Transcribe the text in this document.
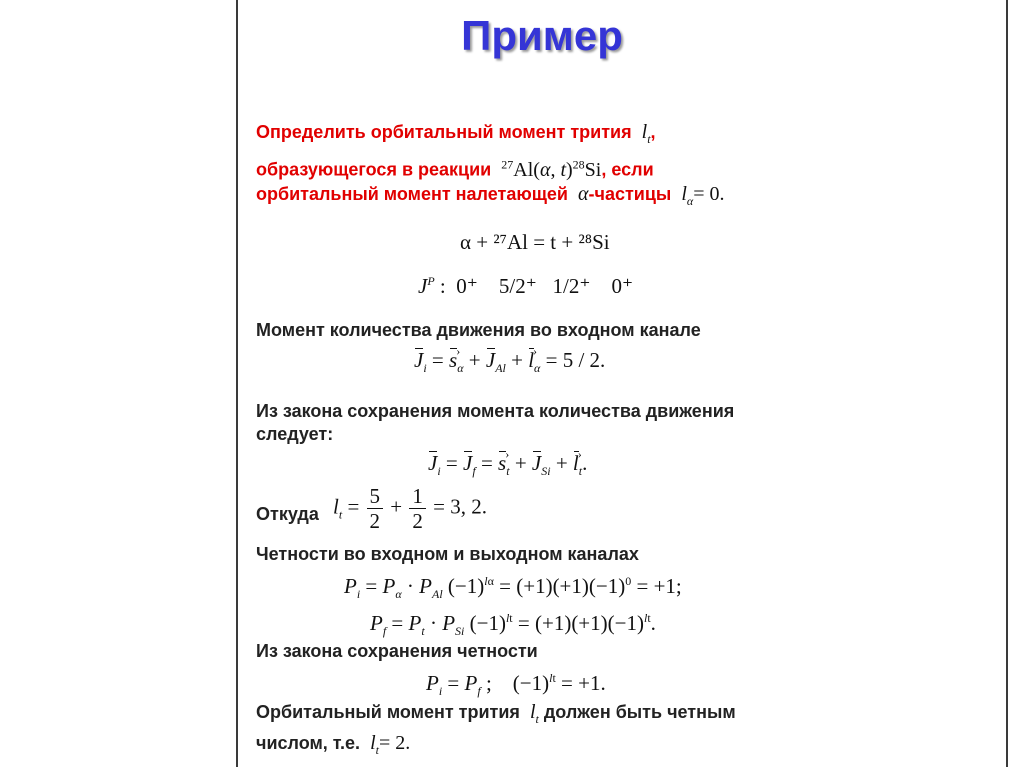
Пример
Определить орбитальный момент трития  $l_t$,
образующегося в реакции $^{27}$Al(α, t)$^{28}$Si, если
орбитальный момент налетающей  α-частицы  $l_\alpha= 0$.
α + ²⁷Al = t + ²⁸Si
$J^P$ :  0⁺ 5/2⁺ 1/2⁺ 0⁺
Момент количества движения во входном канале
$J_i = s$ $›_\alpha + J_{Al} + l$ $›_\alpha = 5 / 2$.
Из закона сохранения момента количества движения
следует:
$J_i = J_f = s$ $›_t + J_{Si} + l$ $›_t$.
Откуда $l_t = \frac{5}{2} + \frac{1}{2} = 3$, 2.
Четности во входном и выходном каналах
$P_i = P_\alpha \cdot P_{Al}$ $(-1)^{l\alpha} = (+1)(+1)(-1)^0 = +1$;
$P_f = P_t \cdot P_{Si}$ $(-1)^{lt} = (+1)(+1)(-1)^{lt}$.
Из закона сохранения четности
$P_i = P_f$ ;    $(-1)^{lt} = +1$.
Орбитальный момент трития  $l_t$ должен быть четным
числом, т.е.  $l_t= 2$.
